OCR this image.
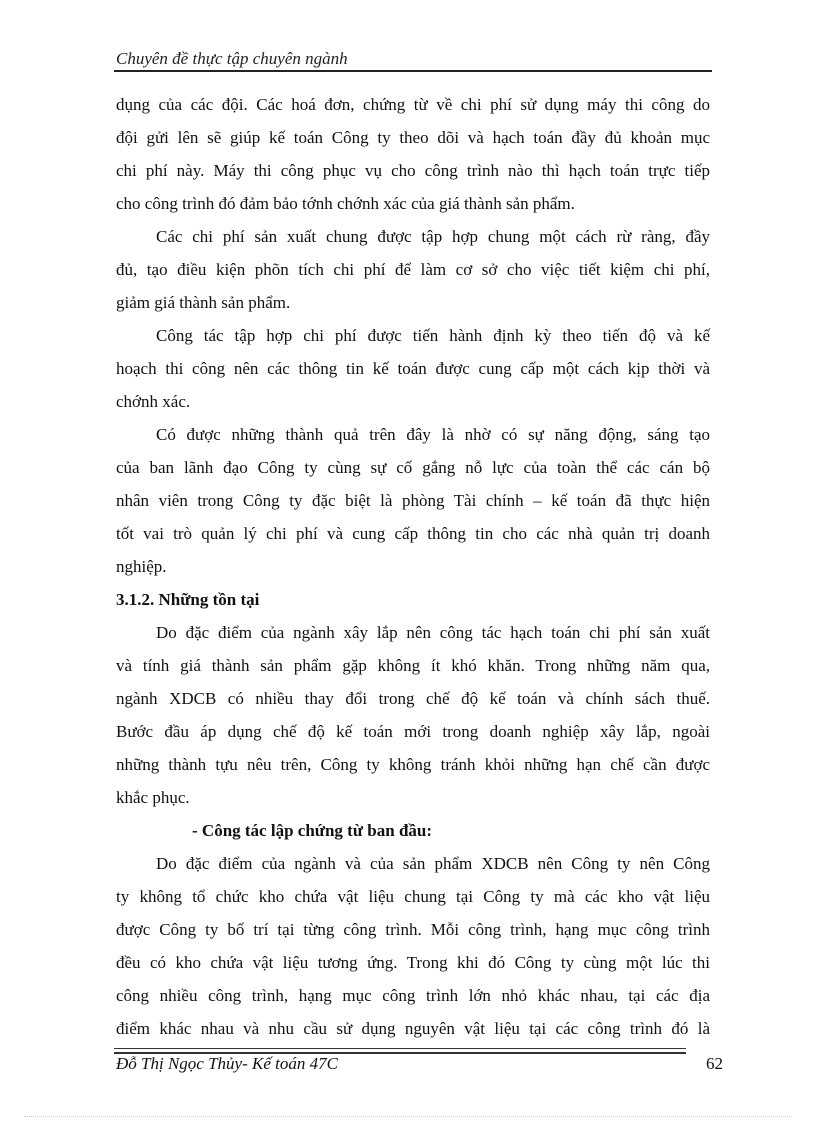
Chuyên đề thực tập chuyên ngành
dụng của các đội. Các hoá đơn, chứng từ về chi phí sử dụng máy thi công do
đội gửi lên sẽ giúp kế toán Công ty theo dõi và hạch toán đầy đủ khoản mục
chi phí này. Máy thi công phục vụ cho công trình nào thì hạch toán trực tiếp
cho công trình đó đảm bảo tớnh chớnh xác của giá thành sản phẩm.
Các chi phí sản xuất chung được tập hợp chung một cách rừ ràng, đầy
đủ, tạo điều kiện phõn tích chi phí để làm cơ sở cho việc tiết kiệm chi phí,
giảm giá thành sản phẩm.
Công tác tập hợp chi phí được tiến hành định kỳ theo tiến độ và kế
hoạch thi công nên các thông tin kế toán được cung cấp một cách kịp thời và
chớnh xác.
Có được những thành quả trên đây là nhờ có sự năng động, sáng tạo
của ban lãnh đạo Công ty cùng sự cố gắng nỗ lực của toàn thể các cán bộ
nhân viên trong Công ty đặc biệt là phòng Tài chính – kế toán đã thực hiện
tốt vai trò quản lý chi phí và cung cấp thông tin cho các nhà quản trị doanh
nghiệp.
3.1.2. Những tồn tại
Do đặc điểm của ngành xây lắp nên công tác hạch toán chi phí sản xuất
và tính giá thành sản phẩm gặp không ít khó khăn. Trong những năm qua,
ngành XDCB có nhiều thay đổi trong chế độ kế toán và chính sách thuế.
Bước đầu áp dụng chế độ kế toán mới trong doanh nghiệp xây lắp, ngoài
những thành tựu nêu trên, Công ty không tránh khỏi những hạn chế cần được
khắc phục.
- Công tác lập chứng từ ban đầu:
Do đặc điểm của ngành và của sản phẩm XDCB nên Công ty nên Công
ty không tổ chức kho chứa vật liệu chung tại Công ty mà các kho vật liệu
được Công ty bố trí tại từng công trình. Mỗi công trình, hạng mục công trình
đều có kho chứa vật liệu tương ứng. Trong khi đó Công ty cùng một lúc thi
công nhiều công trình, hạng mục công trình lớn nhỏ khác nhau, tại các địa
điểm khác nhau và nhu cầu sử dụng nguyên vật liệu tại các công trình đó là
Đỗ Thị Ngọc Thủy- Kế toán 47C	62
